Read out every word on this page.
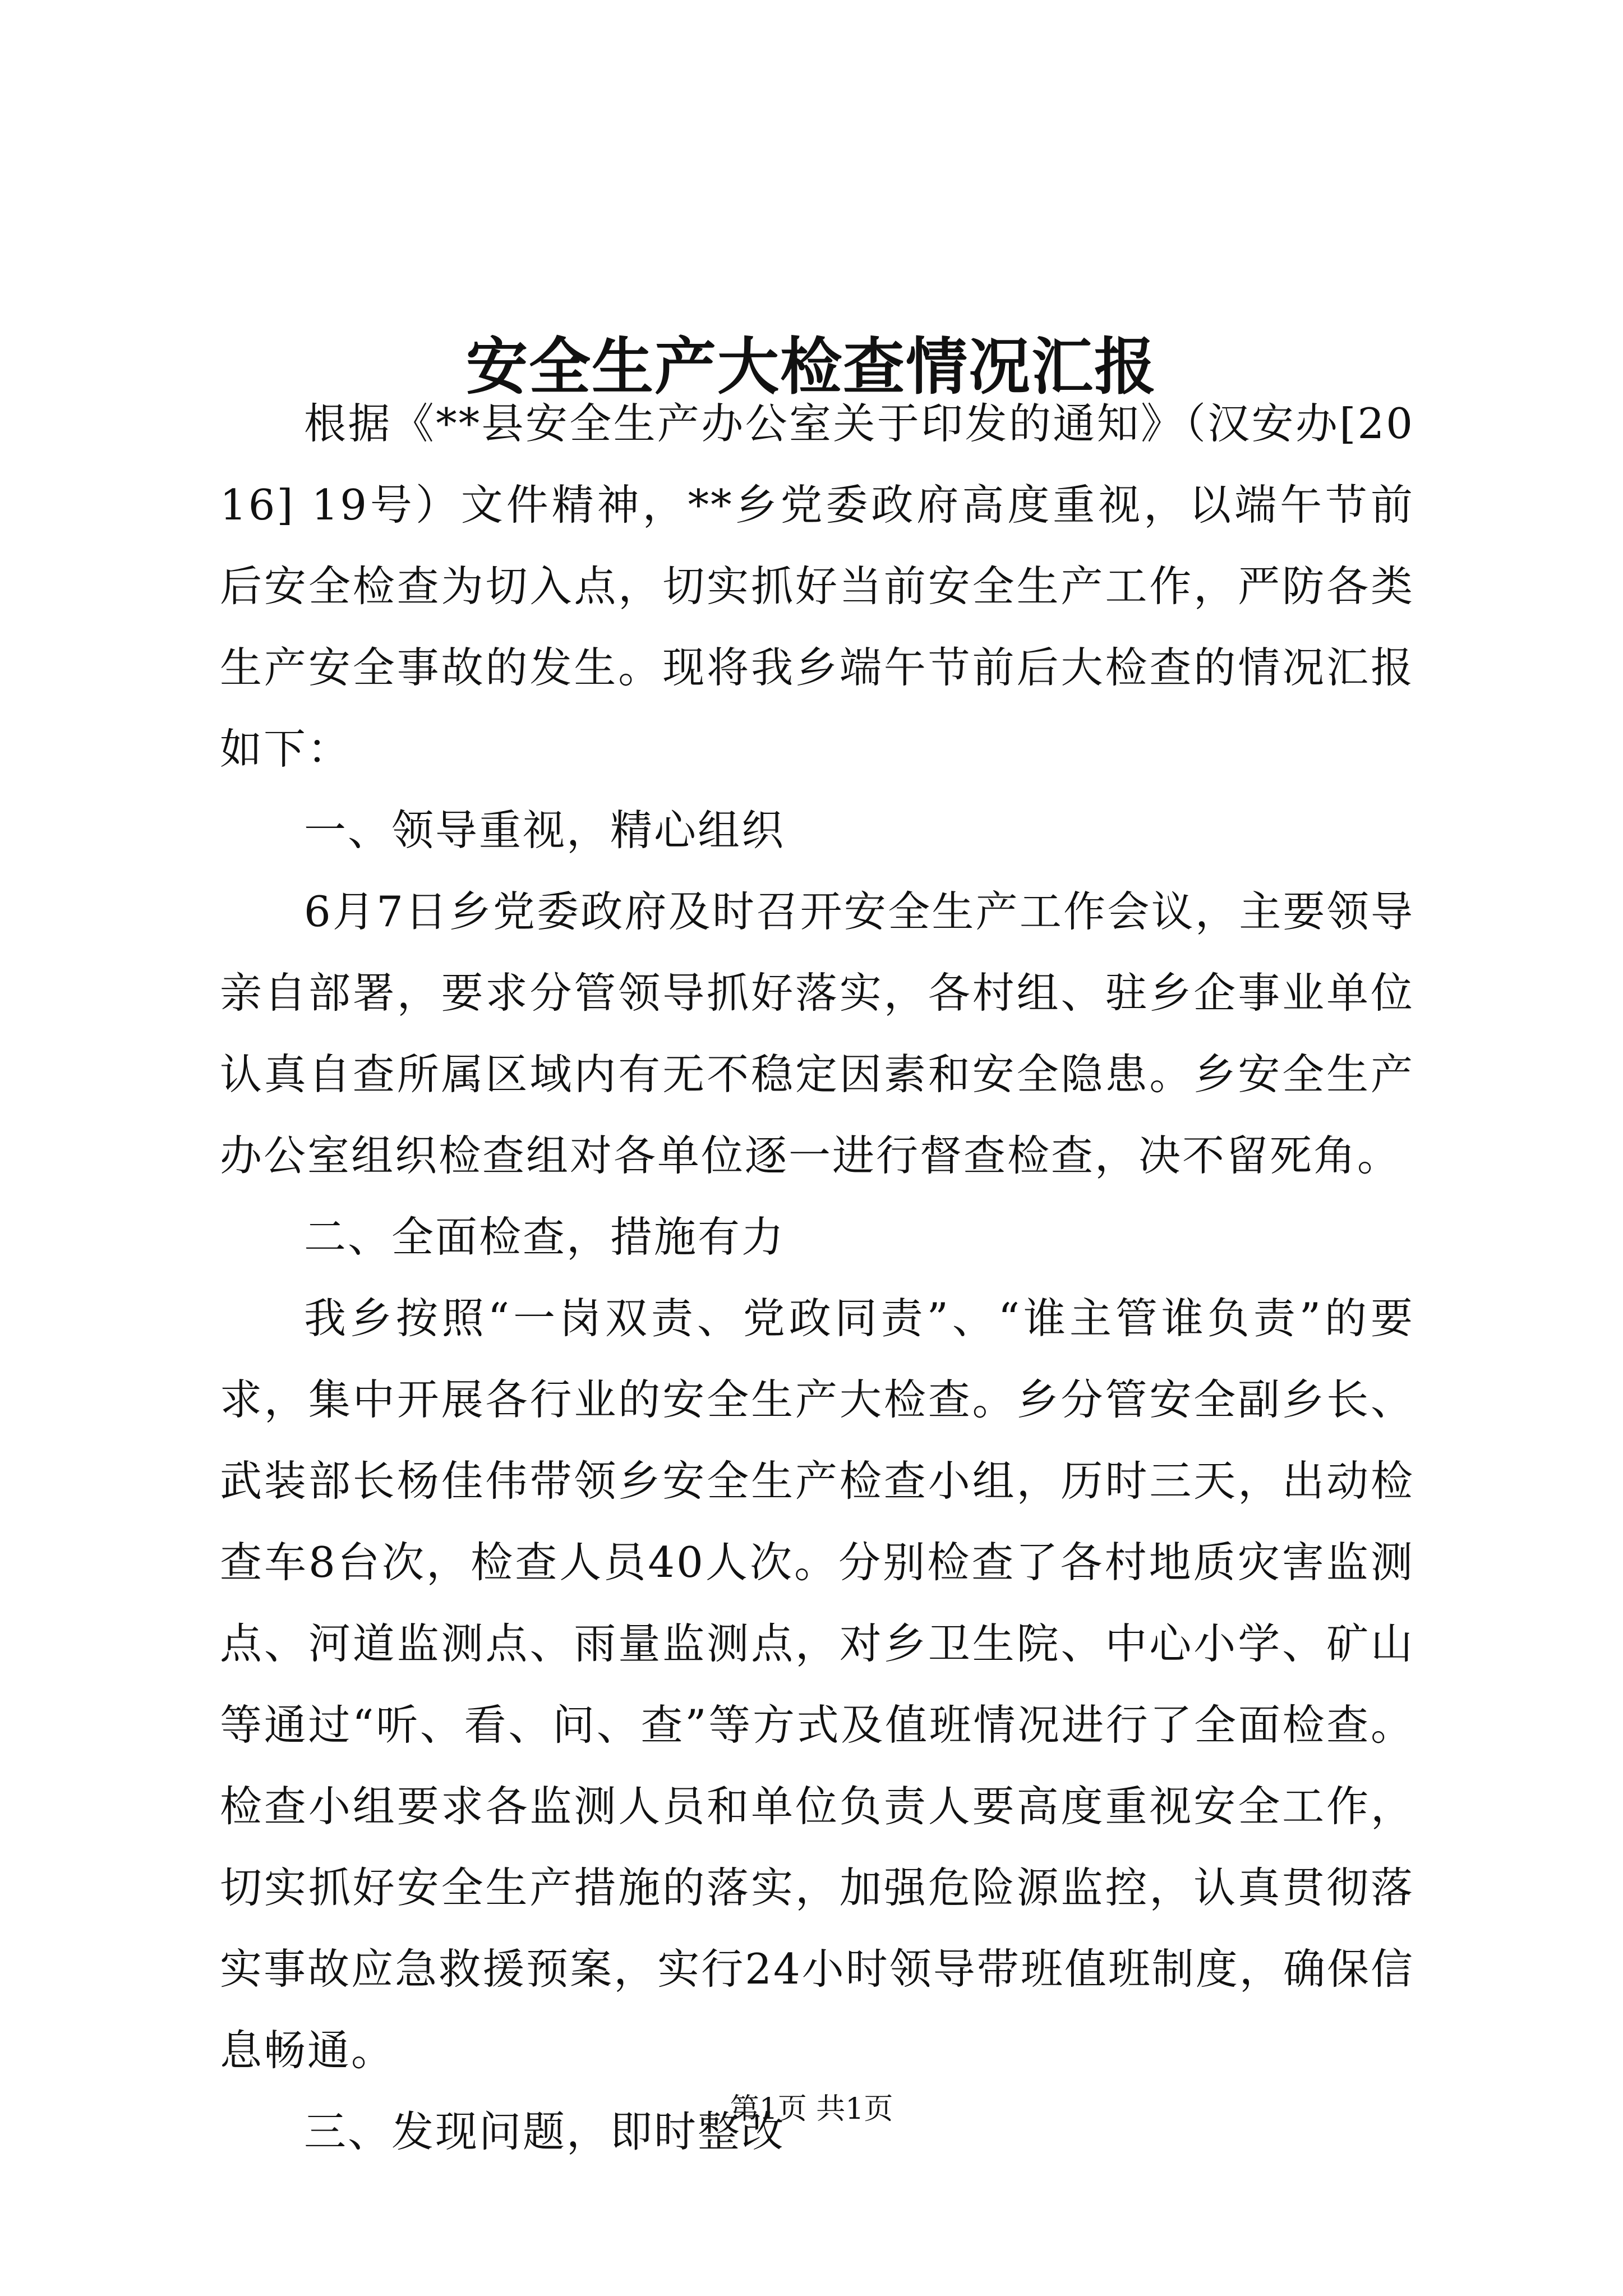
安全生产大检查情况汇报

根据《**县安全生产办公室关于印发的通知》（汉安办[2016] 19号）文件精神，**乡党委政府高度重视，以端午节前后安全检查为切入点，切实抓好当前安全生产工作，严防各类生产安全事故的发生。现将我乡端午节前后大检查的情况汇报如下：

一、领导重视，精心组织

6月7日乡党委政府及时召开安全生产工作会议，主要领导亲自部署，要求分管领导抓好落实，各村组、驻乡企事业单位认真自查所属区域内有无不稳定因素和安全隐患。乡安全生产办公室组织检查组对各单位逐一进行督查检查，决不留死角。

二、全面检查，措施有力

我乡按照“一岗双责、党政同责”、“谁主管谁负责”的要求，集中开展各行业的安全生产大检查。乡分管安全副乡长、武装部长杨佳伟带领乡安全生产检查小组，历时三天，出动检查车8台次，检查人员40人次。分别检查了各村地质灾害监测点、河道监测点、雨量监测点，对乡卫生院、中心小学、矿山等通过“听、看、问、查”等方式及值班情况进行了全面检查。检查小组要求各监测人员和单位负责人要高度重视安全工作，切实抓好安全生产措施的落实，加强危险源监控，认真贯彻落实事故应急救援预案，实行24小时领导带班值班制度，确保信息畅通。

三、发现问题，即时整改

第1页 共1页
